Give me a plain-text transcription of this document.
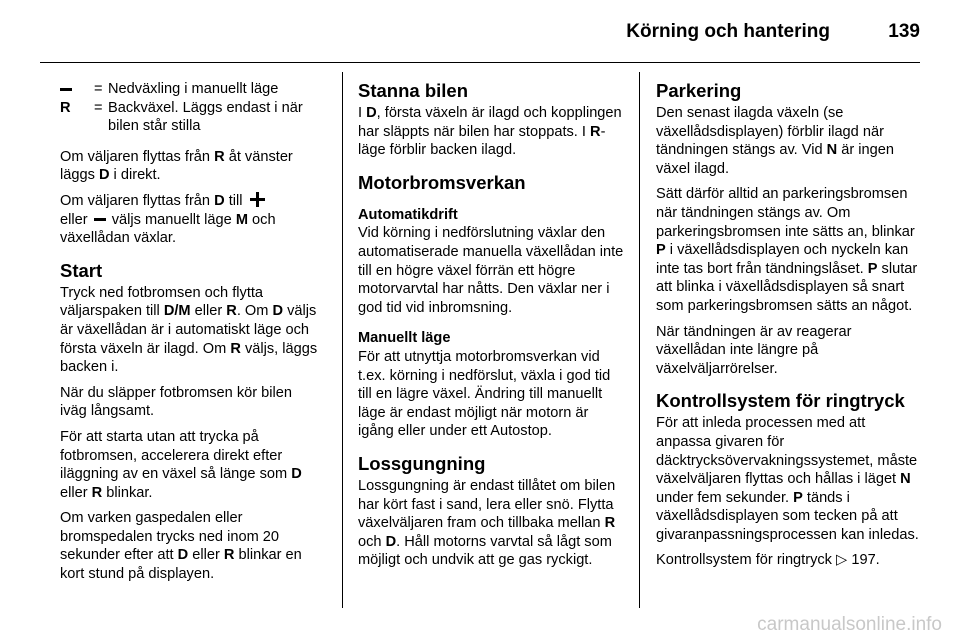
Körning och hantering	139
= Nedväxling i manuellt läge
R	= Backväxel. Läggs endast i när bilen står stilla

Om väljaren flyttas från R åt vänster läggs D i direkt.

Om väljaren flyttas från D till
eller  väljs manuellt läge M och växellådan växlar.

Start

Tryck ned fotbromsen och flytta väljarspaken till D/M eller R. Om D väljs är växellådan är i automatiskt läge och första växeln är ilagd. Om R väljs, läggs backen i.

När du släpper fotbromsen kör bilen iväg långsamt.

För att starta utan att trycka på fotbromsen, accelerera direkt efter iläggning av en växel så länge som D eller R blinkar.

Om varken gaspedalen eller bromspedalen trycks ned inom 20 sekunder efter att D eller R blinkar en kort stund på displayen.

Stanna bilen

I D, första växeln är ilagd och kopplingen har släppts när bilen har stoppats. I R-läge förblir backen ilagd.

Motorbromsverkan
Automatikdrift

Vid körning i nedförslutning växlar den automatiserade manuella växellådan inte till en högre växel förrän ett högre motorvarvtal har nåtts. Den växlar ner i god tid vid inbromsning.

Manuellt läge

För att utnyttja motorbromsverkan vid t.ex. körning i nedförslut, växla i god tid till en lägre växel. Ändring till manuellt läge är endast möjligt när motorn är igång eller under ett Autostop.

Lossgungning

Lossgungning är endast tillåtet om bilen har kört fast i sand, lera eller snö. Flytta växelväljaren fram och tillbaka mellan R och D. Håll motorns varvtal så lågt som möjligt och undvik att ge gas ryckigt.

Parkering

Den senast ilagda växeln (se växellådsdisplayen) förblir ilagd när tändningen stängs av. Vid N är ingen växel ilagd.

Sätt därför alltid an parkeringsbromsen när tändningen stängs av. Om parkeringsbromsen inte sätts an, blinkar P i växellådsdisplayen och nyckeln kan inte tas bort från tändningslåset. P slutar att blinka i växellådsdisplayen så snart som parkeringsbromsen sätts an något.

När tändningen är av reagerar växellådan inte längre på växelväljarrörelser.

Kontrollsystem för ringtryck

För att inleda processen med att anpassa givaren för däcktrycksövervakningssystemet, måste växelväljaren flyttas och hållas i läget N under fem sekunder. P tänds i växellådsdisplayen som tecken på att givaranpassningsprocessen kan inledas.

Kontrollsystem för ringtryck ▷ 197.

carmanualsonline.info
